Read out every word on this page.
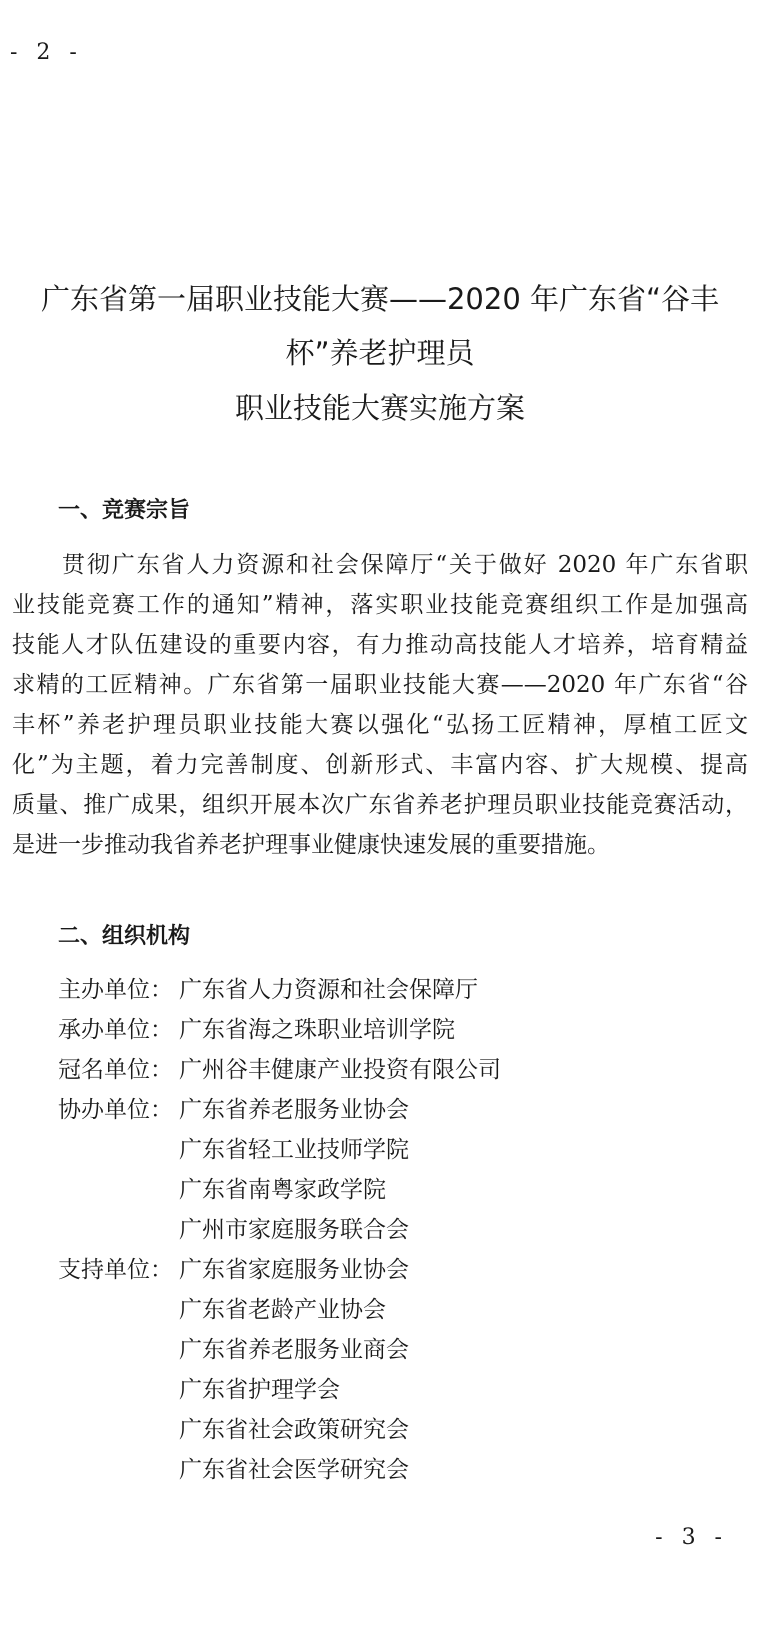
- 2 -
广东省第一届职业技能大赛——2020 年广东省“谷丰
杯”养老护理员
职业技能大赛实施方案
一、竞赛宗旨
贯彻广东省人力资源和社会保障厅“关于做好 2020 年广东省职
业技能竞赛工作的通知”精神，落实职业技能竞赛组织工作是加强高
技能人才队伍建设的重要内容，有力推动高技能人才培养，培育精益
求精的工匠精神。广东省第一届职业技能大赛——2020 年广东省“谷
丰杯”养老护理员职业技能大赛以强化“弘扬工匠精神，厚植工匠文
化”为主题，着力完善制度、创新形式、丰富内容、扩大规模、提高
质量、推广成果，组织开展本次广东省养老护理员职业技能竞赛活动，
是进一步推动我省养老护理事业健康快速发展的重要措施。
二、组织机构
主办单位： 广东省人力资源和社会保障厅
承办单位： 广东省海之珠职业培训学院
冠名单位： 广州谷丰健康产业投资有限公司
协办单位： 广东省养老服务业协会
广东省轻工业技师学院
广东省南粤家政学院
广州市家庭服务联合会
支持单位： 广东省家庭服务业协会
广东省老龄产业协会
广东省养老服务业商会
广东省护理学会
广东省社会政策研究会
广东省社会医学研究会
- 3 -
